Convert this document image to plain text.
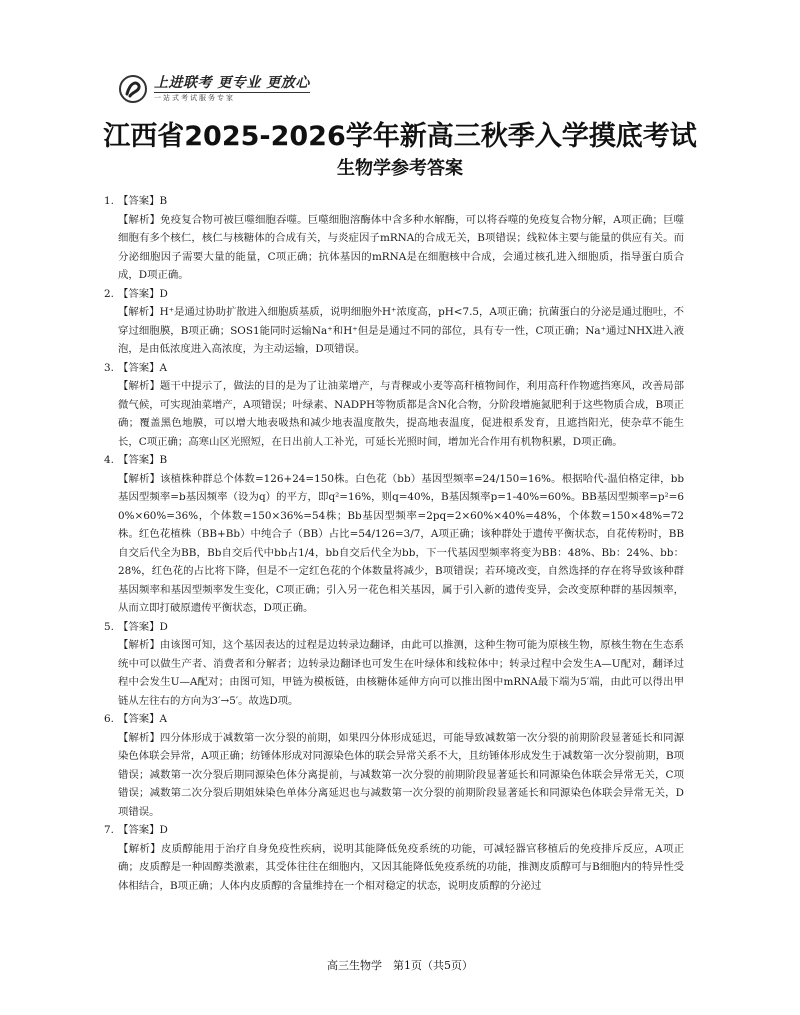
上进联考 更专业 更放心
一站式考试服务专家
江西省2025-2026学年新高三秋季入学摸底考试
生物学参考答案
1. 【答案】B
【解析】免疫复合物可被巨噬细胞吞噬。巨噬细胞溶酶体中含多种水解酶，可以将吞噬的免疫复合物分解，A项正确；巨噬细胞有多个核仁，核仁与核糖体的合成有关，与炎症因子mRNA的合成无关，B项错误；线粒体主要与能量的供应有关。而分泌细胞因子需要大量的能量，C项正确；抗体基因的mRNA是在细胞核中合成，会通过核孔进入细胞质，指导蛋白质合成，D项正确。
2. 【答案】D
【解析】H⁺是通过协助扩散进入细胞质基质，说明细胞外H⁺浓度高，pH<7.5，A项正确；抗菌蛋白的分泌是通过胞吐，不穿过细胞膜，B项正确；SOS1能同时运输Na⁺和H⁺但是是通过不同的部位，具有专一性，C项正确；Na⁺通过NHX进入液泡，是由低浓度进入高浓度，为主动运输，D项错误。
3. 【答案】A
【解析】题干中提示了，做法的目的是为了让油菜增产，与青稞或小麦等高秆植物间作，利用高秆作物遮挡寒风，改善局部微气候，可实现油菜增产，A项错误；叶绿素、NADPH等物质都是含N化合物，分阶段增施氮肥利于这些物质合成，B项正确；覆盖黑色地膜，可以增大地表吸热和减少地表温度散失，提高地表温度，促进根系发育，且遮挡阳光，使杂草不能生长，C项正确；高寒山区光照短，在日出前人工补光，可延长光照时间，增加光合作用有机物积累，D项正确。
4. 【答案】B
【解析】该植株种群总个体数=126+24=150株。白色花（bb）基因型频率=24/150=16%。根据哈代-温伯格定律，bb基因型频率=b基因频率（设为q）的平方，即q²=16%，则q=40%，B基因频率p=1-40%=60%。BB基因型频率=p²=60%×60%=36%，个体数=150×36%=54株；Bb基因型频率=2pq=2×60%×40%=48%，个体数=150×48%=72株。红色花植株（BB+Bb）中纯合子（BB）占比=54/126=3/7，A项正确；该种群处于遗传平衡状态，自花传粉时，BB自交后代全为BB，Bb自交后代中bb占1/4，bb自交后代全为bb，下一代基因型频率将变为BB：48%、Bb：24%、bb：28%，红色花的占比将下降，但是不一定红色花的个体数量将减少，B项错误；若环境改变，自然选择的存在将导致该种群基因频率和基因型频率发生变化，C项正确；引入另一花色相关基因，属于引入新的遗传变异，会改变原种群的基因频率，从而立即打破原遗传平衡状态，D项正确。
5. 【答案】D
【解析】由该图可知，这个基因表达的过程是边转录边翻译，由此可以推测，这种生物可能为原核生物，原核生物在生态系统中可以做生产者、消费者和分解者；边转录边翻译也可发生在叶绿体和线粒体中；转录过程中会发生A—U配对，翻译过程中会发生U—A配对；由图可知，甲链为模板链，由核糖体延伸方向可以推出图中mRNA最下端为5′端，由此可以得出甲链从左往右的方向为3′→5′。故选D项。
6. 【答案】A
【解析】四分体形成于减数第一次分裂的前期，如果四分体形成延迟，可能导致减数第一次分裂的前期阶段显著延长和同源染色体联会异常，A项正确；纺锤体形成对同源染色体的联会异常关系不大，且纺锤体形成发生于减数第一次分裂前期，B项错误；减数第一次分裂后期同源染色体分离提前，与减数第一次分裂的前期阶段显著延长和同源染色体联会异常无关，C项错误；减数第二次分裂后期姐妹染色单体分离延迟也与减数第一次分裂的前期阶段显著延长和同源染色体联会异常无关，D项错误。
7. 【答案】D
【解析】皮质醇能用于治疗自身免疫性疾病，说明其能降低免疫系统的功能，可减轻器官移植后的免疫排斥反应，A项正确；皮质醇是一种固醇类激素，其受体往往在细胞内，又因其能降低免疫系统的功能，推测皮质醇可与B细胞内的特异性受体相结合，B项正确；人体内皮质醇的含量维持在一个相对稳定的状态，说明皮质醇的分泌过
高三生物学　第1页（共5页）
